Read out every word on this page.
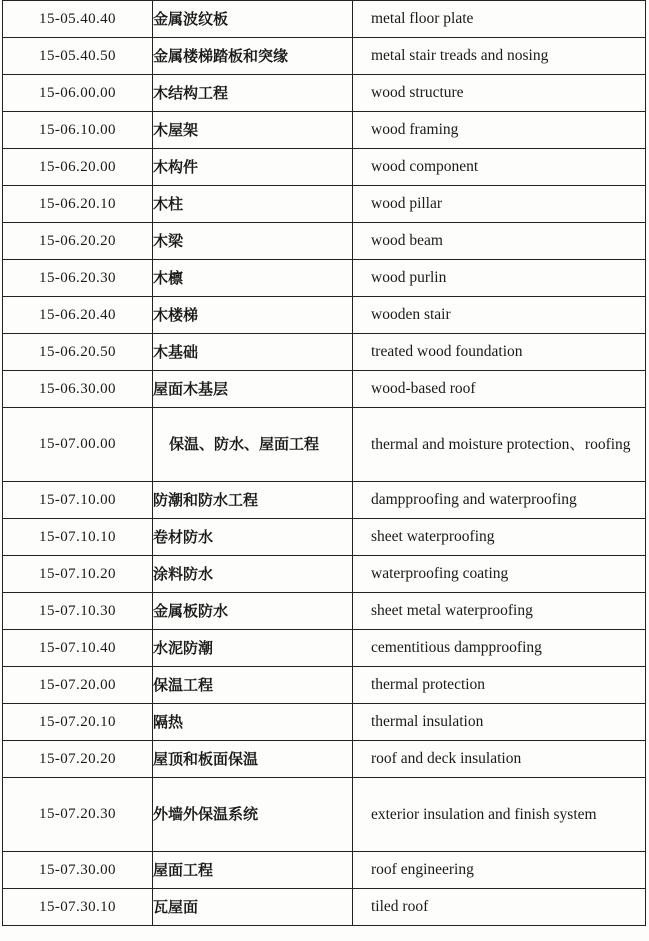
15-05.40.40	金属波纹板	metal floor plate

15-05.40.50	金属楼梯踏板和突缘	metal stair treads and nosing

15-06.00.00	木结构工程	wood structure

15-06.10.00	木屋架	wood framing

15-06.20.00	木构件	wood component

15-06.20.10	木柱	wood pillar

15-06.20.20	木梁	wood beam

15-06.20.30	木檩	wood purlin

15-06.20.40	木楼梯	wooden stair

15-06.20.50	木基础	treated wood foundation

15-06.30.00	屋面木基层	wood-based roof

15-07.00.00	保温、防水、屋面工程	thermal and moisture protection、roofing

15-07.10.00	防潮和防水工程	dampproofing and waterproofing

15-07.10.10	卷材防水	sheet waterproofing

15-07.10.20	涂料防水	waterproofing coating

15-07.10.30	金属板防水	sheet metal waterproofing

15-07.10.40	水泥防潮	cementitious dampproofing

15-07.20.00	保温工程	thermal protection

15-07.20.10	隔热	thermal insulation

15-07.20.20	屋顶和板面保温	roof and deck insulation

15-07.20.30	外墙外保温系统	exterior insulation and finish system

15-07.30.00	屋面工程	roof engineering

15-07.30.10	瓦屋面	tiled roof
